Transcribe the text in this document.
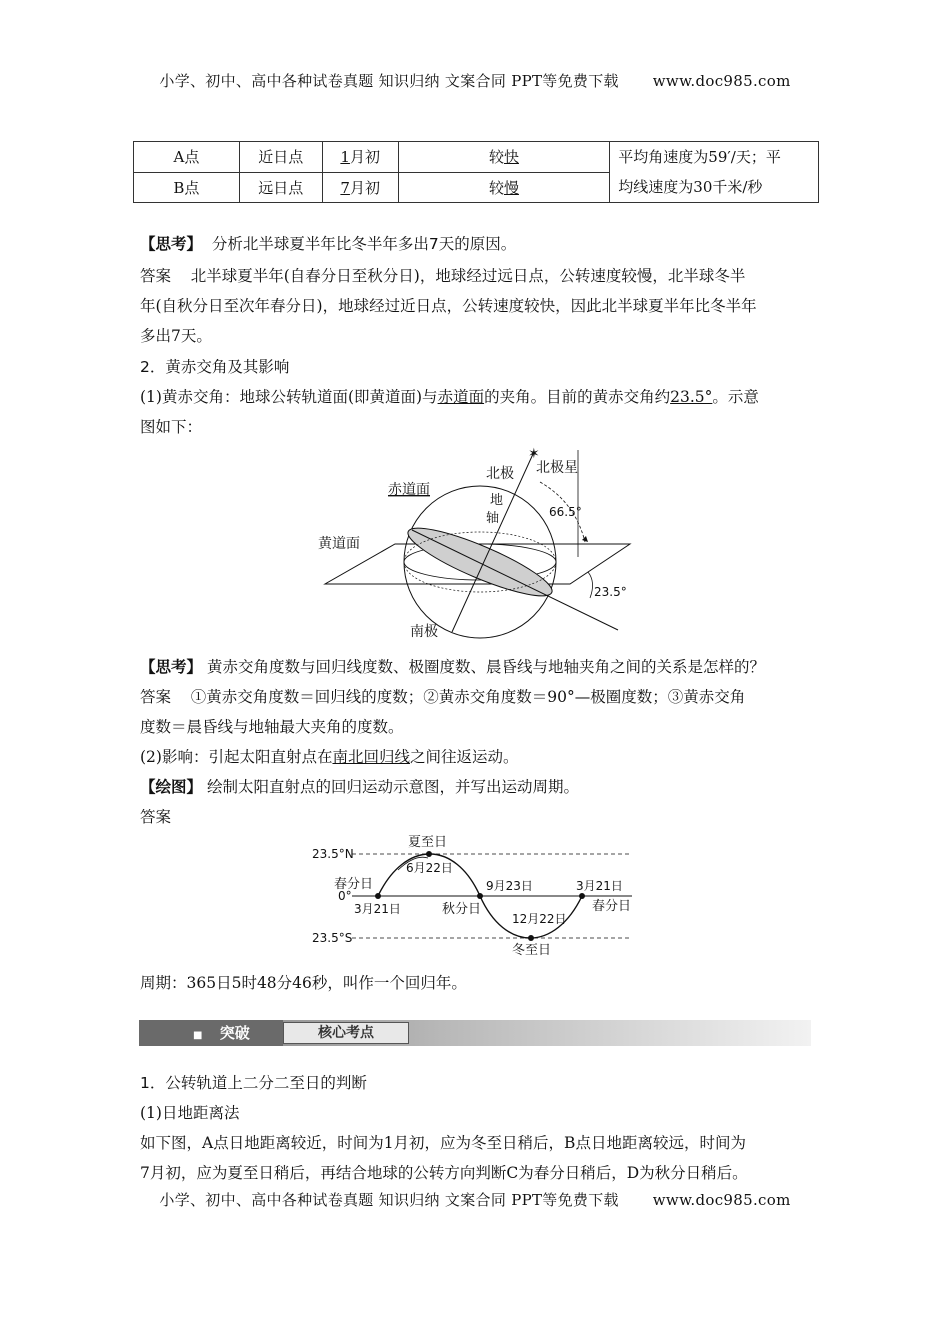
小学、初中、高中各种试卷真题 知识归纳 文案合同 PPT等免费下载 www.doc985.com
A点	近日点	1月初	较快	平均角速度为59′/天；平
均线速度为30千米/秒
B点	远日点	7月初	较慢	
【思考】 分析北半球夏半年比冬半年多出7天的原因。
答案 北半球夏半年(自春分日至秋分日)，地球经过远日点，公转速度较慢，北半球冬半
年(自秋分日至次年春分日)，地球经过近日点，公转速度较快，因此北半球夏半年比冬半年
多出7天。
2．黄赤交角及其影响
(1)黄赤交角：地球公转轨道面(即黄道面)与赤道面的夹角。目前的黄赤交角约23.5°。示意
图如下：
✶
北极 北极星
赤道面
地
轴	66.5°
黄道面
23.5°
南极
【思考】 黄赤交角度数与回归线度数、极圈度数、晨昏线与地轴夹角之间的关系是怎样的？
答案 ①黄赤交角度数＝回归线的度数；②黄赤交角度数＝90°—极圈度数；③黄赤交角
度数＝晨昏线与地轴最大夹角的度数。
(2)影响：引起太阳直射点在南北回归线之间往返运动。
【绘图】 绘制太阳直射点的回归运动示意图，并写出运动周期。
答案
23.5°N
0°
23.5°S
夏至日
6月22日
春分日
3月21日	秋分日
9月23日
12月22日
冬至日
3月21日
春分日
周期：365日5时48分46秒，叫作一个回归年。
■ 突破	核心考点
1．公转轨道上二分二至日的判断
(1)日地距离法
如下图，A点日地距离较近，时间为1月初，应为冬至日稍后，B点日地距离较远，时间为
7月初，应为夏至日稍后，再结合地球的公转方向判断C为春分日稍后，D为秋分日稍后。
小学、初中、高中各种试卷真题 知识归纳 文案合同 PPT等免费下载 www.doc985.com
